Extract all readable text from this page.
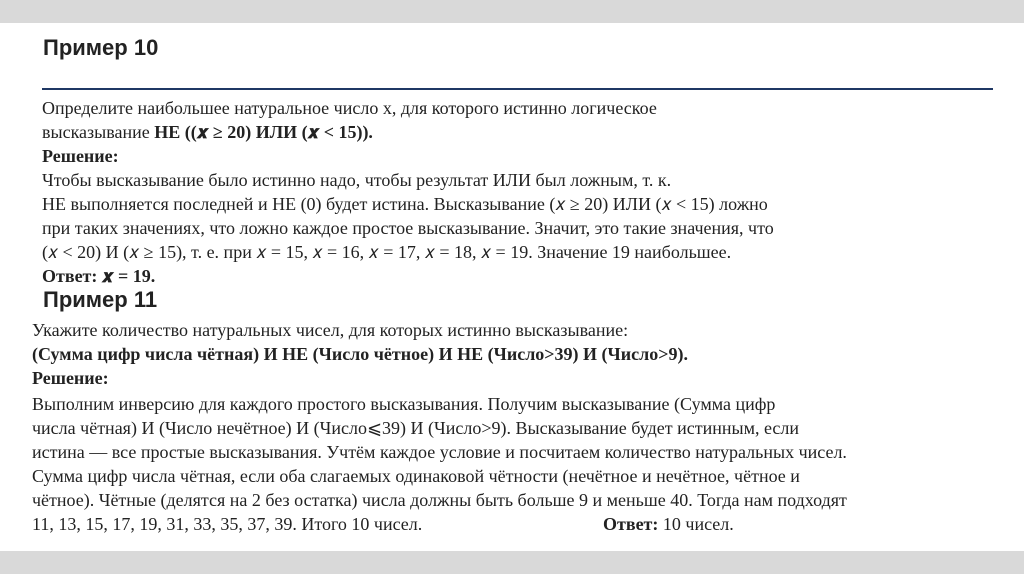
Пример 10
Определите наибольшее натуральное число x, для которого истинно логическое
высказывание НЕ ((𝒙 ≥ 20) ИЛИ (𝒙 < 15)).
Решение:
Чтобы высказывание было истинно надо, чтобы результат ИЛИ был ложным, т. к.
НЕ выполняется последней и НЕ (0) будет истина. Высказывание (𝑥 ≥ 20) ИЛИ (𝑥 < 15) ложно
при таких значениях, что ложно каждое простое высказывание. Значит, это такие значения, что
(𝑥 < 20) И (𝑥 ≥ 15), т. е. при 𝑥 = 15, 𝑥 = 16, 𝑥 = 17, 𝑥 = 18, 𝑥 = 19. Значение 19 наибольшее.
Ответ: 𝒙 = 19.
Пример 11
Укажите количество натуральных чисел, для которых истинно высказывание:
(Сумма цифр числа чётная) И НЕ (Число чётное) И НЕ (Число>39) И (Число>9).
Решение:
Выполним инверсию для каждого простого высказывания. Получим высказывание (Сумма цифр
числа чётная) И (Число нечётное) И (Число⩽39) И (Число>9). Высказывание будет истинным, если
истина — все простые высказывания. Учтём каждое условие и посчитаем количество натуральных чисел.
Сумма цифр числа чётная, если оба слагаемых одинаковой чётности (нечётное и нечётное, чётное и
чётное). Чётные (делятся на 2 без остатка) числа должны быть больше 9 и меньше 40. Тогда нам подходят
11, 13, 15, 17, 19, 31, 33, 35, 37, 39. Итого 10 чисел.	Ответ: 10 чисел.
